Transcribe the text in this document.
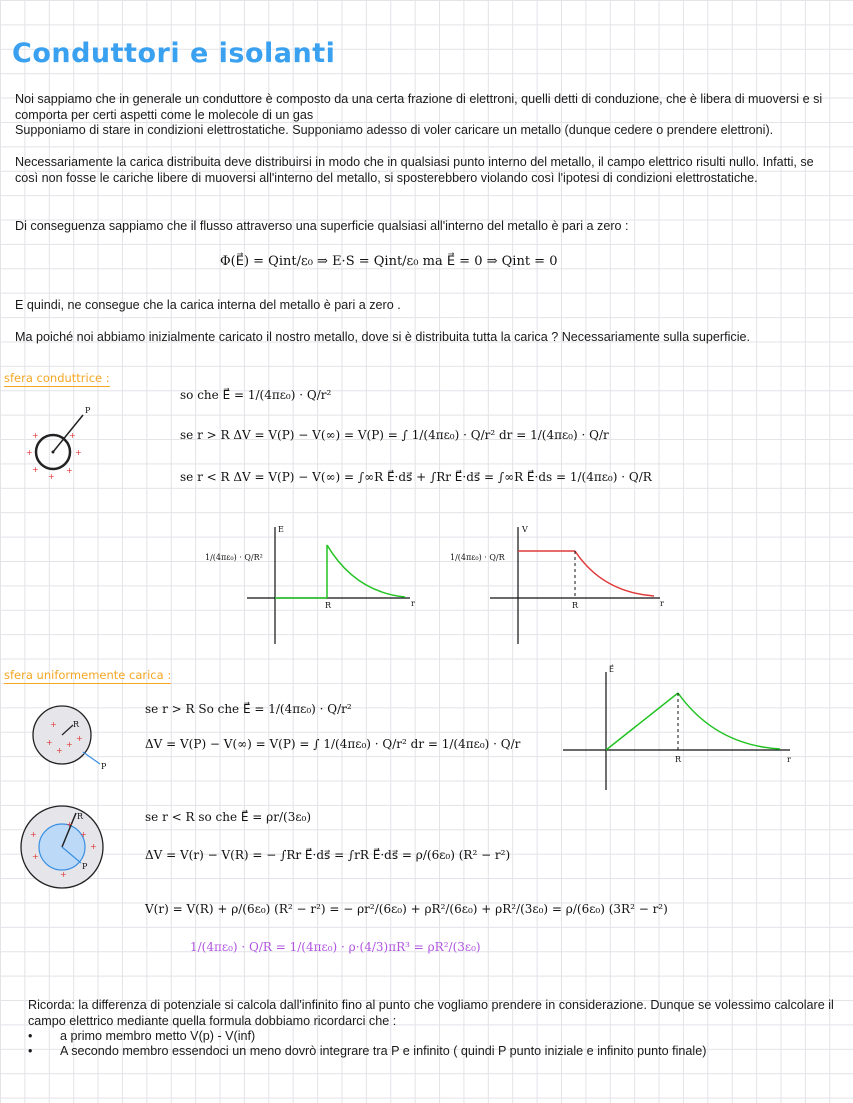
Conduttori e isolanti
Noi sappiamo che in generale un conduttore è composto da una certa frazione di elettroni, quelli detti di conduzione, che è libera di muoversi e si comporta per certi aspetti come le molecole di un gas
Supponiamo di stare in condizioni elettrostatiche. Supponiamo adesso di voler caricare un metallo (dunque cedere o prendere elettroni).
Necessariamente la carica distribuita deve distribuirsi in modo che in qualsiasi punto interno del metallo, il campo elettrico risulti nullo. Infatti, se così non fosse le cariche libere di muoversi all'interno del metallo, si sposterebbero violando così l'ipotesi di condizioni elettrostatiche.
Di conseguenza sappiamo che il flusso attraverso una superficie qualsiasi all'interno del metallo è pari a zero :
Φ(E⃗) = Qint/ε₀ ⇒ E·S = Qint/ε₀ ma E⃗ = 0 ⇒ Qint = 0
E quindi, ne consegue che la carica interna del metallo è pari a zero .
Ma poiché noi abbiamo inizialmente caricato il nostro metallo, dove si è distribuita tutta la carica ? Necessariamente sulla superficie.
sfera conduttrice :
+	+
+	+
+
+
+
P
so che E⃗ = 1/(4πε₀) · Q/r²
se r > R ΔV = V(P) − V(∞) = V(P) = ∫ 1/(4πε₀) · Q/r² dr = 1/(4πε₀) · Q/r
se r < R ΔV = V(P) − V(∞) = ∫∞R E⃗·ds⃗ + ∫Rr E⃗·ds⃗ = ∫∞R E⃗·ds = 1/(4πε₀) · Q/R
E
r
R
1/(4πε₀) · Q/R²
V
r
R
1/(4πε₀) · Q/R
sfera uniformemente carica :
+
+
+
+
+
R
P
+	+
+
+
+
+
R
P
se r > R So che E⃗ = 1/(4πε₀) · Q/r²
ΔV = V(P) − V(∞) = V(P) = ∫ 1/(4πε₀) · Q/r² dr = 1/(4πε₀) · Q/r
se r < R so che E⃗ = ρr/(3ε₀)
ΔV = V(r) − V(R) = − ∫Rr E⃗·ds⃗ = ∫rR E⃗·ds⃗ = ρ/(6ε₀) (R² − r²)
V(r) = V(R) + ρ/(6ε₀) (R² − r²) = − ρr²/(6ε₀) + ρR²/(6ε₀) + ρR²/(3ε₀) = ρ/(6ε₀) (3R² − r²)
1/(4πε₀) · Q/R = 1/(4πε₀) · ρ·(4/3)πR³ = ρR²/(3ε₀)
E⃗
r
R
Ricorda: la differenza di potenziale si calcola dall'infinito fino al punto che vogliamo prendere in considerazione. Dunque se volessimo calcolare il campo elettrico mediante quella formula dobbiamo ricordarci che :
• a primo membro metto V(p) - V(inf)
• A secondo membro essendoci un meno dovrò integrare tra P e infinito ( quindi P punto iniziale e infinito punto finale)
